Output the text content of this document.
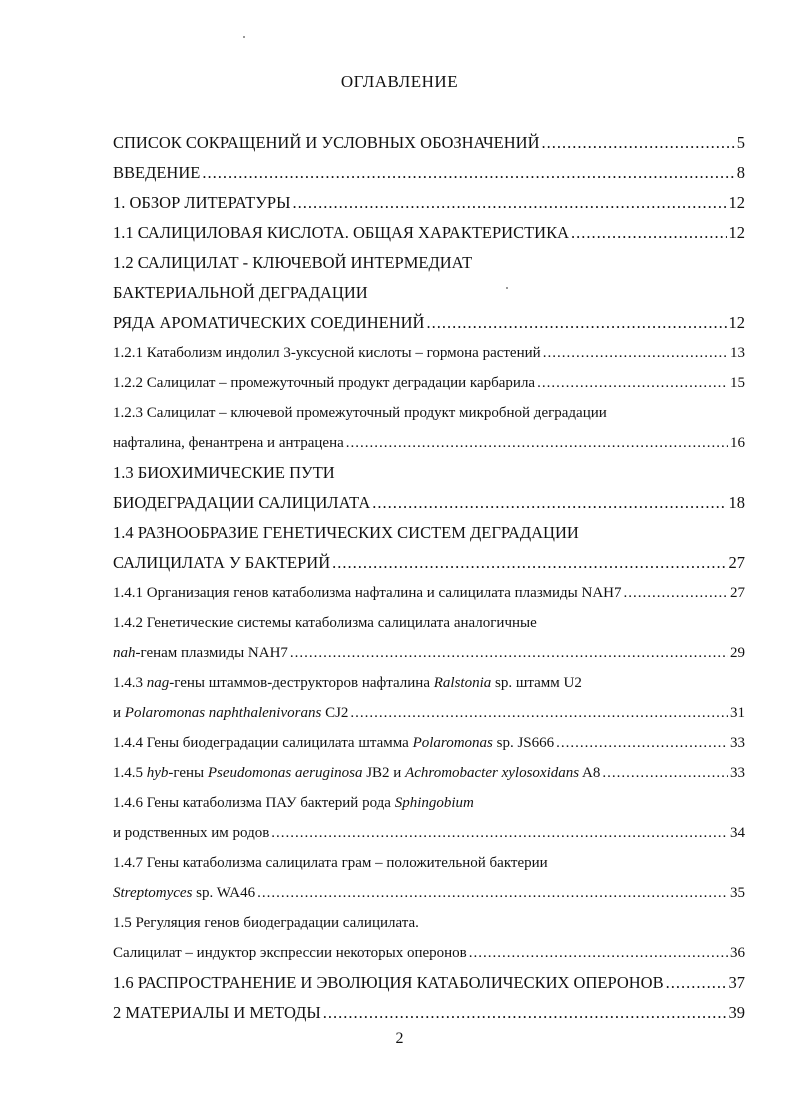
ОГЛАВЛЕНИЕ
СПИСОК СОКРАЩЕНИЙ И УСЛОВНЫХ ОБОЗНАЧЕНИЙ .....	5
ВВЕДЕНИЕ .....	8
1. ОБЗОР ЛИТЕРАТУРЫ .....	12
1.1 САЛИЦИЛОВАЯ КИСЛОТА. ОБЩАЯ ХАРАКТЕРИСТИКА .....	12
1.2 САЛИЦИЛАТ - КЛЮЧЕВОЙ ИНТЕРМЕДИАТ
БАКТЕРИАЛЬНОЙ ДЕГРАДАЦИИ
РЯДА АРОМАТИЧЕСКИХ СОЕДИНЕНИЙ .....	12
1.2.1 Катаболизм индолил 3-уксусной кислоты – гормона растений .....	13
1.2.2 Салицилат – промежуточный продукт деградации карбарила .....	15
1.2.3 Салицилат – ключевой промежуточный продукт микробной деградации
нафталина, фенантрена и антрацена .....	16
1.3 БИОХИМИЧЕСКИЕ ПУТИ
БИОДЕГРАДАЦИИ САЛИЦИЛАТА .....	18
1.4 РАЗНООБРАЗИЕ ГЕНЕТИЧЕСКИХ СИСТЕМ ДЕГРАДАЦИИ
САЛИЦИЛАТА У БАКТЕРИЙ .....	27
1.4.1 Организация генов катаболизма нафталина и салицилата плазмиды NAH7 .....	27
1.4.2 Генетические системы катаболизма салицилата аналогичные
nah-генам плазмиды NAH7 .....	29
1.4.3 nag-гены штаммов-деструкторов нафталина Ralstonia sp. штамм U2
и Polaromonas naphthalenivorans CJ2 .....	31
1.4.4 Гены биодеградации салицилата штамма Polaromonas sp. JS666 .....	33
1.4.5 hyb-гены Pseudomonas aeruginosa JB2 и Achromobacter xylosoxidans A8 .....	33
1.4.6 Гены катаболизма ПАУ бактерий рода Sphingobium
и родственных им родов .....	34
1.4.7 Гены катаболизма салицилата грам – положительной бактерии
Streptomyces sp. WA46 .....	35
1.5 Регуляция генов биодеградации салицилата.
Салицилат – индуктор экспрессии некоторых оперонов .....	36
1.6 РАСПРОСТРАНЕНИЕ И ЭВОЛЮЦИЯ КАТАБОЛИЧЕСКИХ ОПЕРОНОВ .....	37
2 МАТЕРИАЛЫ И МЕТОДЫ .....	39
2
